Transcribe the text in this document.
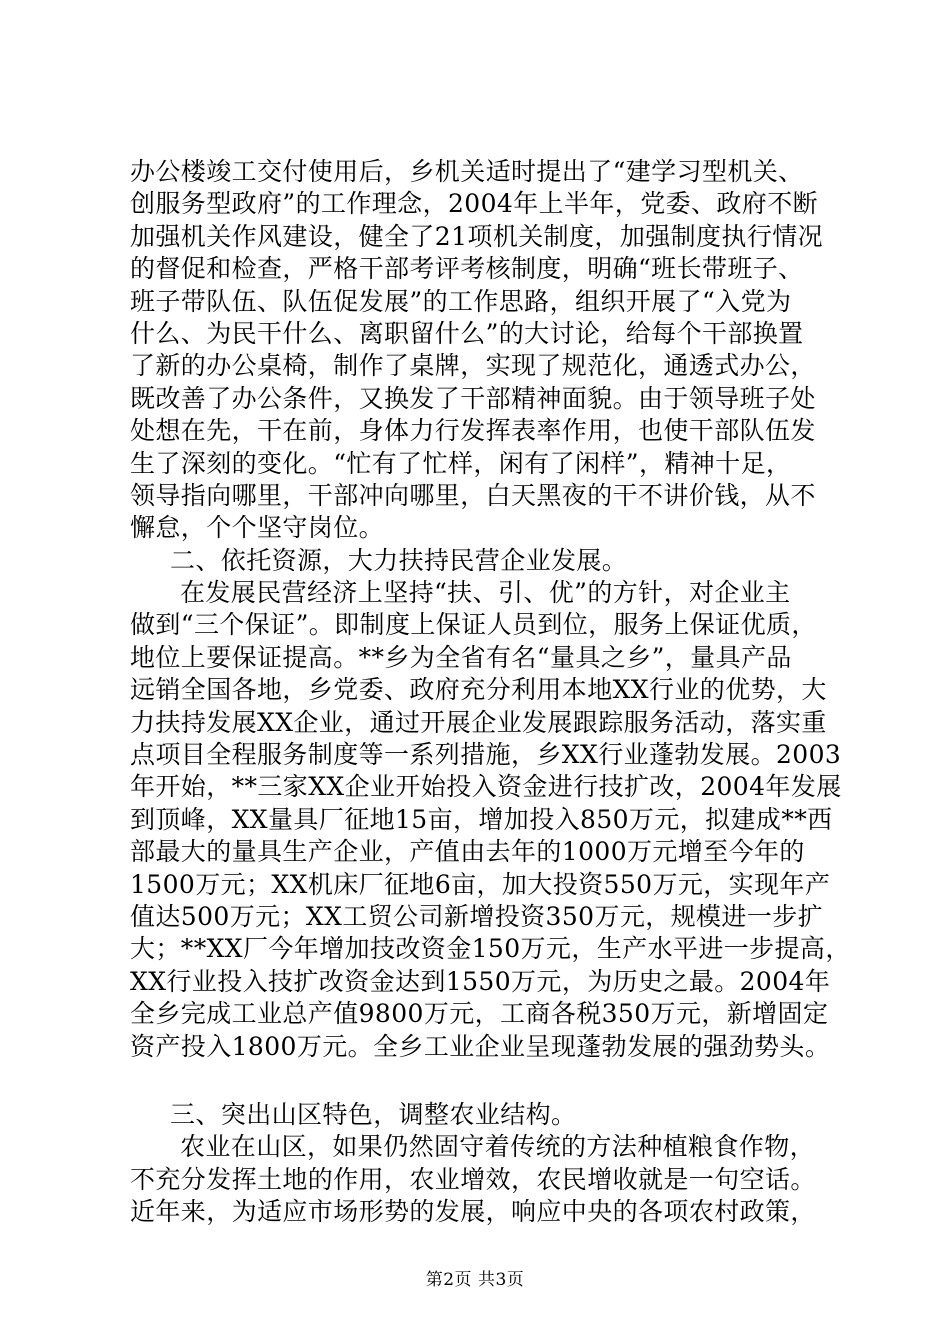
办公楼竣工交付使用后，乡机关适时提出了“建学习型机关、
创服务型政府”的工作理念，2004年上半年，党委、政府不断
加强机关作风建设，健全了21项机关制度，加强制度执行情况
的督促和检查，严格干部考评考核制度，明确“班长带班子、
班子带队伍、队伍促发展”的工作思路，组织开展了“入党为
什么、为民干什么、离职留什么”的大讨论，给每个干部换置
了新的办公桌椅，制作了桌牌，实现了规范化，通透式办公，
既改善了办公条件，又换发了干部精神面貌。由于领导班子处
处想在先，干在前，身体力行发挥表率作用，也使干部队伍发
生了深刻的变化。“忙有了忙样，闲有了闲样”，精神十足，
领导指向哪里，干部冲向哪里，白天黑夜的干不讲价钱，从不
懈怠，个个坚守岗位。
二、依托资源，大力扶持民营企业发展。
在发展民营经济上坚持“扶、引、优”的方针，对企业主
做到“三个保证”。即制度上保证人员到位，服务上保证优质，
地位上要保证提高。**乡为全省有名“量具之乡”，量具产品
远销全国各地，乡党委、政府充分利用本地XX行业的优势，大
力扶持发展XX企业，通过开展企业发展跟踪服务活动，落实重
点项目全程服务制度等一系列措施，乡XX行业蓬勃发展。2003
年开始，**三家XX企业开始投入资金进行技扩改，2004年发展
到顶峰，XX量具厂征地15亩，增加投入850万元，拟建成**西
部最大的量具生产企业，产值由去年的1000万元增至今年的
1500万元；XX机床厂征地6亩，加大投资550万元，实现年产
值达500万元；XX工贸公司新增投资350万元，规模进一步扩
大；**XX厂今年增加技改资金150万元，生产水平进一步提高，
XX行业投入技扩改资金达到1550万元，为历史之最。2004年
全乡完成工业总产值9800万元，工商各税350万元，新增固定
资产投入1800万元。全乡工业企业呈现蓬勃发展的强劲势头。
三、突出山区特色，调整农业结构。
农业在山区，如果仍然固守着传统的方法种植粮食作物，
不充分发挥土地的作用，农业增效，农民增收就是一句空话。
近年来，为适应市场形势的发展，响应中央的各项农村政策，
第2页 共3页
